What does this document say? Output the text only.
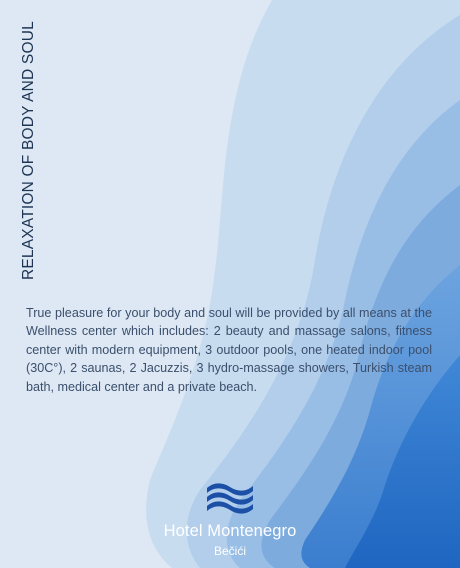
RELAXATION OF BODY AND SOUL

True pleasure for your body and soul will be provided by all means at the Wellness center which includes: 2 beauty and massage salons, fitness center with modern equipment, 3 outdoor pools, one heated indoor pool (30C°), 2 saunas, 2 Jacuzzis, 3 hydro-massage showers, Turkish steam bath, medical center and a private beach.

Hotel Montenegro
Bečići
